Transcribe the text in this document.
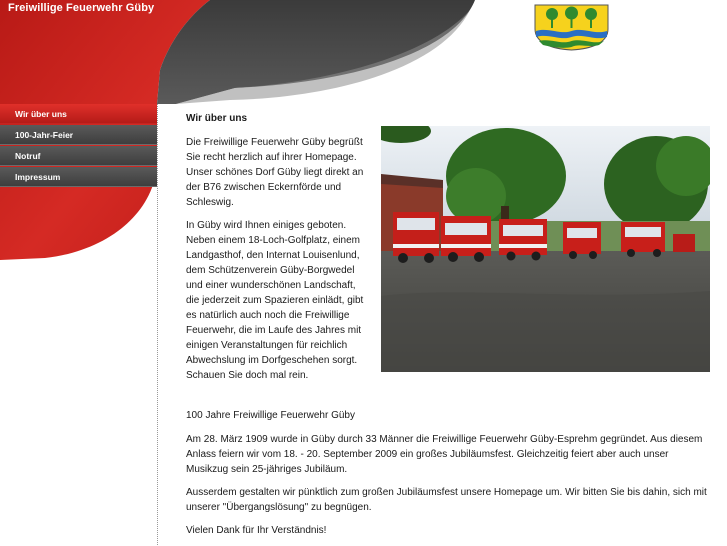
Freiwillige Feuerwehr Güby
Wir über uns
100-Jahr-Feier
Notruf
Impressum
Wir über uns

Die Freiwillige Feuerwehr Güby begrüßt Sie recht herzlich auf ihrer Homepage. Unser schönes Dorf Güby liegt direkt an der B76 zwischen Eckernförde und Schleswig.

In Güby wird Ihnen einiges geboten. Neben einem 18-Loch-Golfplatz, einem Landgasthof, den Internat Louisenlund, dem Schützenverein Güby-Borgwedel und einer wunderschönen Landschaft, die jederzeit zum Spazieren einlädt, gibt es natürlich auch noch die Freiwillige Feuerwehr, die im Laufe des Jahres mit einigen Veranstaltungen für reichlich Abwechslung im Dorfgeschehen sorgt. Schauen Sie doch mal rein.

100 Jahre Freiwillige Feuerwehr Güby

Am 28. März 1909 wurde in Güby durch 33 Männer die Freiwillige Feuerwehr Güby-Esprehm gegründet. Aus diesem Anlass feiern wir vom 18. - 20. September 2009 ein großes Jubiläumsfest. Gleichzeitig feiert aber auch unser Musikzug sein 25-jähriges Jubiläum.

Ausserdem gestalten wir pünktlich zum großen Jubiläumsfest unsere Homepage um. Wir bitten Sie bis dahin, sich mit unserer "Übergangslösung" zu begnügen.

Vielen Dank für Ihr Verständnis!
